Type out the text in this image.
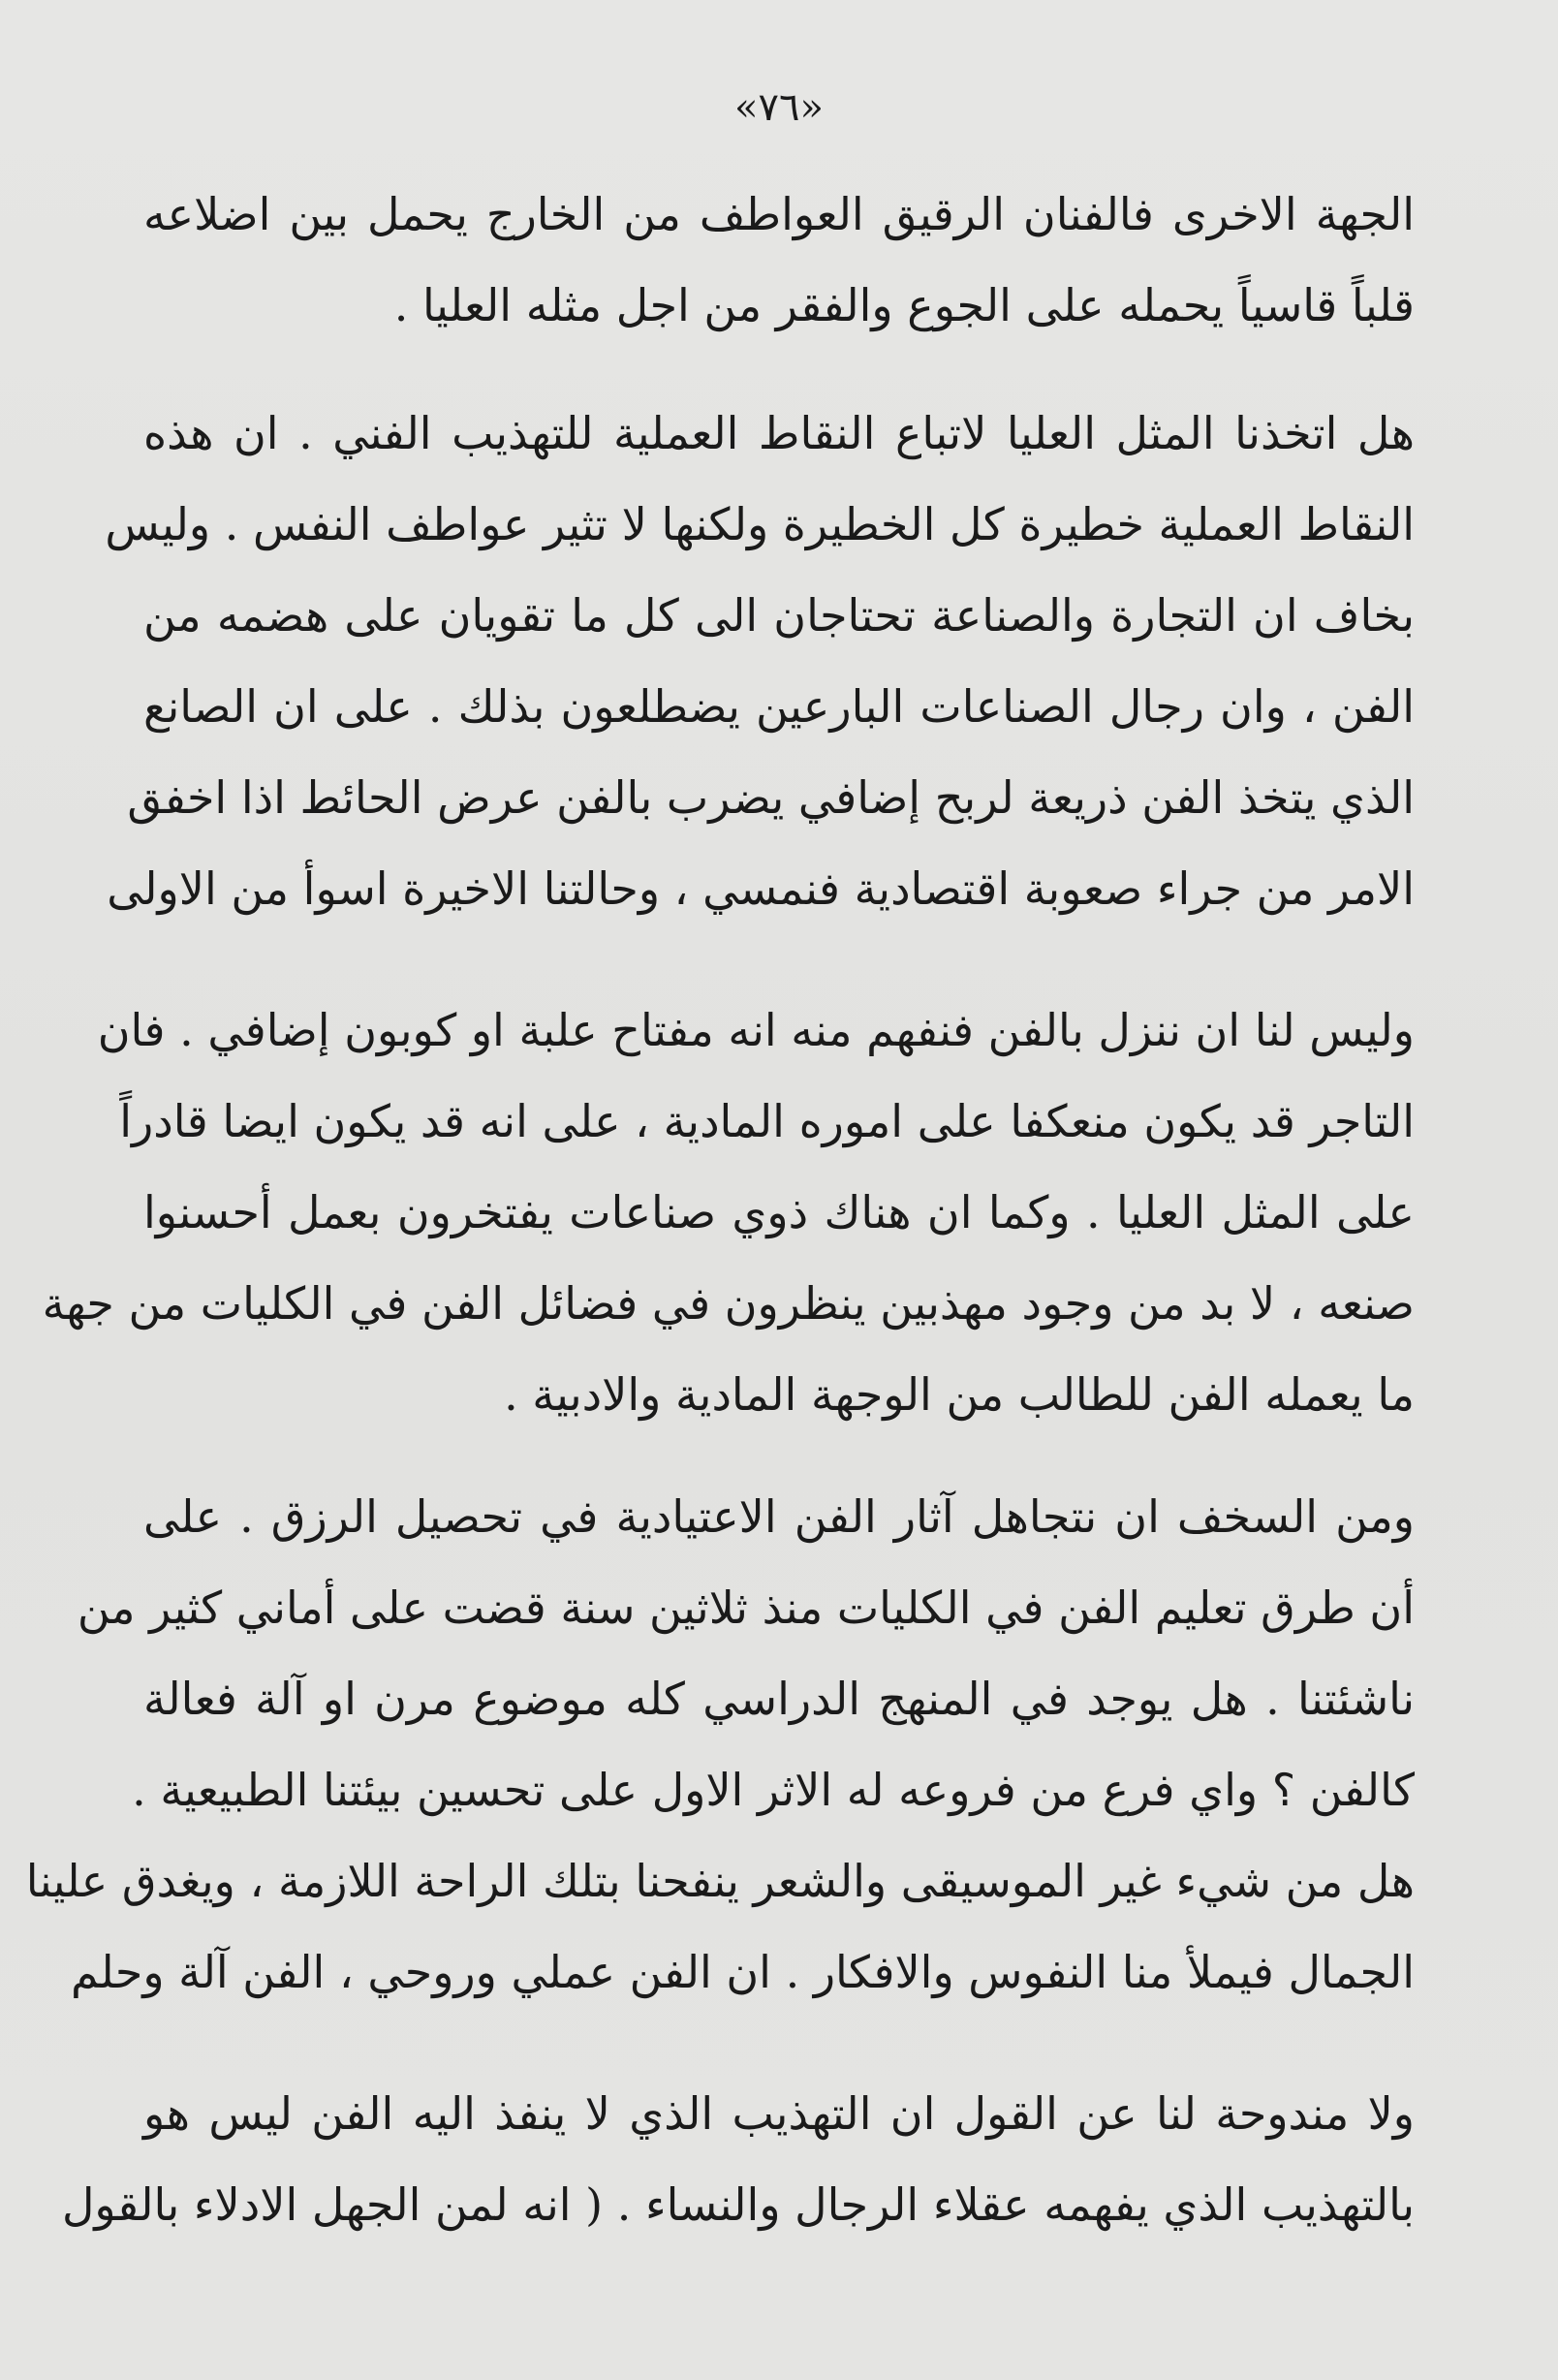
«٧٦»
الجهة الاخرى فالفنان الرقيق العواطف من الخارج يحمل بين اضلاعه
قلباً قاسياً يحمله على الجوع والفقر من اجل مثله العليا .
هل اتخذنا المثل العليا لاتباع النقاط العملية للتهذيب الفني . ان هذه
النقاط العملية خطيرة كل الخطيرة ولكنها لا تثير عواطف النفس . وليس
بخاف ان التجارة والصناعة تحتاجان الى كل ما تقويان على هضمه من
الفن ، وان رجال الصناعات البارعين يضطلعون بذلك . على ان الصانع
الذي يتخذ الفن ذريعة لربح إضافي يضرب بالفن عرض الحائط اذا اخفق
الامر من جراء صعوبة اقتصادية فنمسي ، وحالتنا الاخيرة اسوأ من الاولى
وليس لنا ان ننزل بالفن فنفهم منه انه مفتاح علبة او كوبون إضافي . فان
التاجر قد يكون منعكفا على اموره المادية ، على انه قد يكون ايضا قادراً
على المثل العليا . وكما ان هناك ذوي صناعات يفتخرون بعمل أحسنوا
صنعه ، لا بد من وجود مهذبين ينظرون في فضائل الفن في الكليات من جهة
ما يعمله الفن للطالب من الوجهة المادية والادبية .
ومن السخف ان نتجاهل آثار الفن الاعتيادية في تحصيل الرزق . على
أن طرق تعليم الفن في الكليات منذ ثلاثين سنة قضت على أماني كثير من
ناشئتنا . هل يوجد في المنهج الدراسي كله موضوع مرن او آلة فعالة
كالفن ؟ واي فرع من فروعه له الاثر الاول على تحسين بيئتنا الطبيعية .
هل من شيء غير الموسيقى والشعر ينفحنا بتلك الراحة اللازمة ، ويغدق علينا
الجمال فيملأ منا النفوس والافكار . ان الفن عملي وروحي ، الفن آلة وحلم
ولا مندوحة لنا عن القول ان التهذيب الذي لا ينفذ اليه الفن ليس هو
بالتهذيب الذي يفهمه عقلاء الرجال والنساء . ( انه لمن الجهل الادلاء بالقول
